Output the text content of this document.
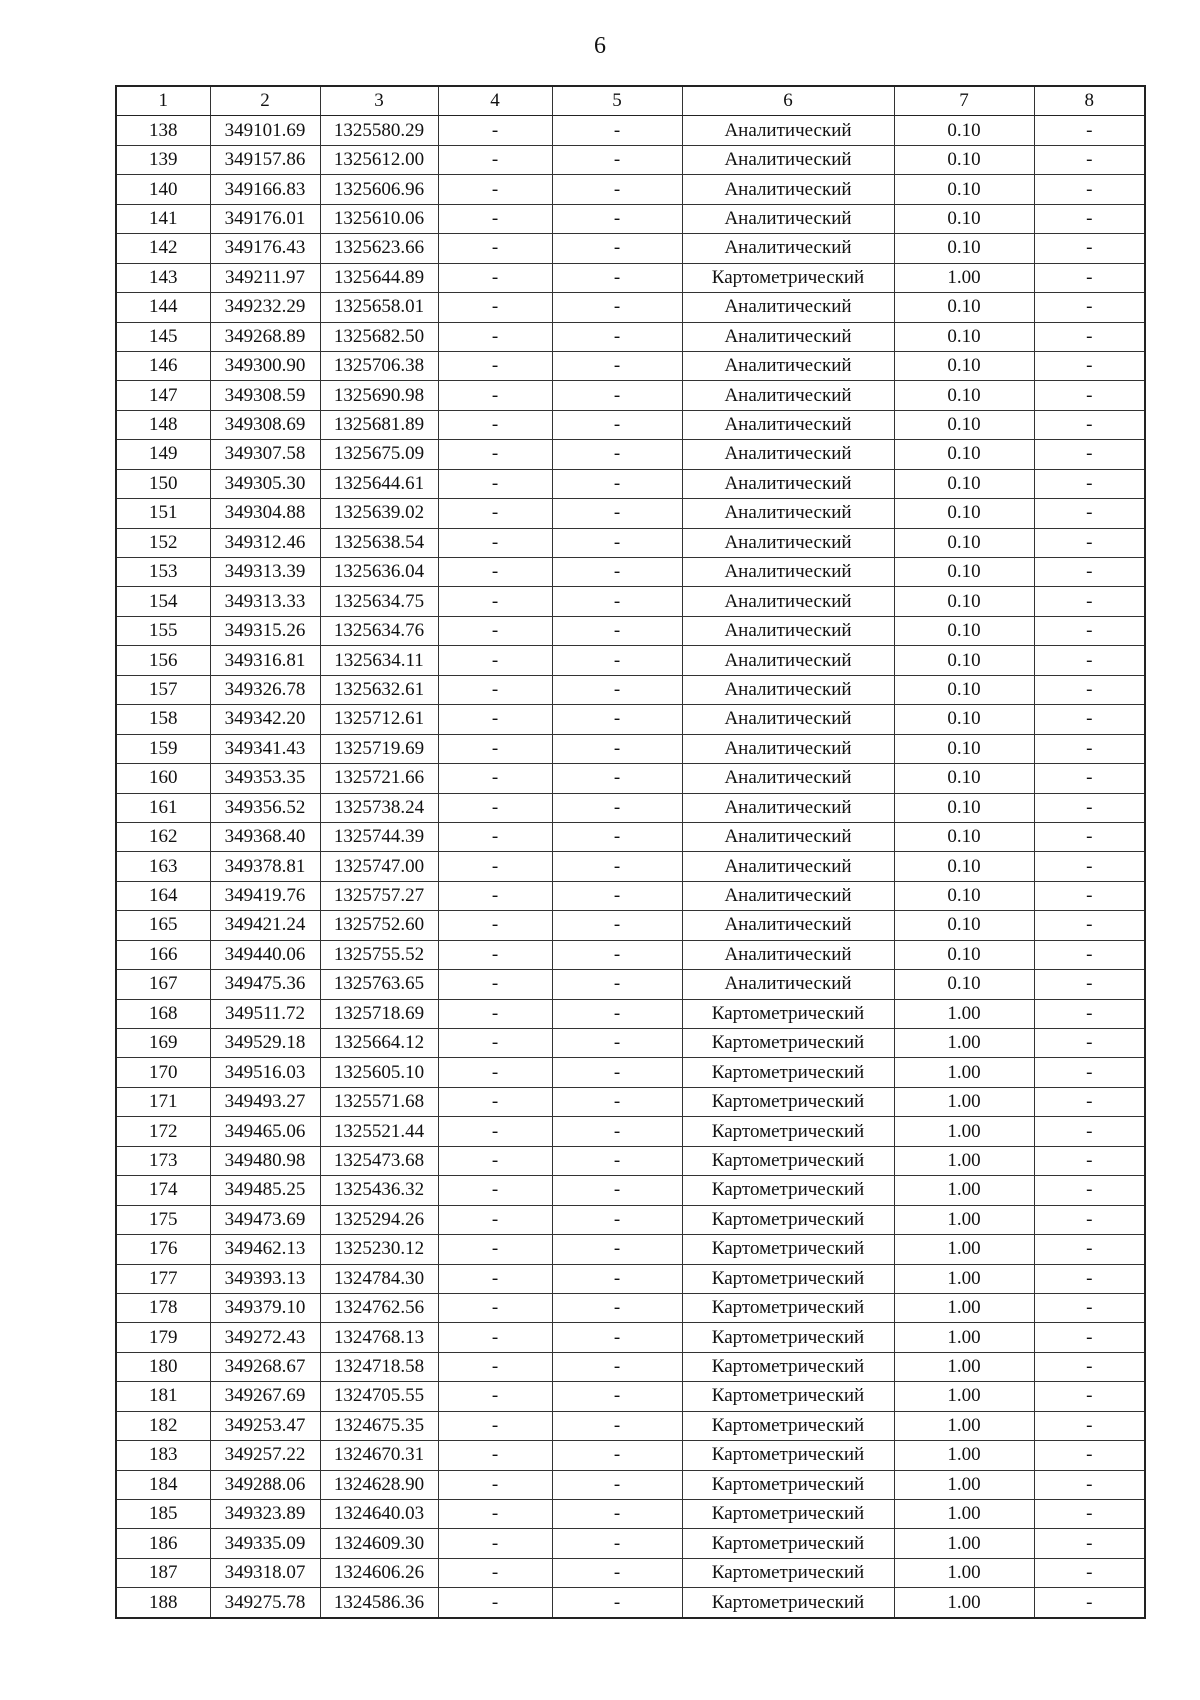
6
1	2	3	4	5	6	7	8
138	349101.69	1325580.29	-	-	Аналитический	0.10	-
139	349157.86	1325612.00	-	-	Аналитический	0.10	-
140	349166.83	1325606.96	-	-	Аналитический	0.10	-
141	349176.01	1325610.06	-	-	Аналитический	0.10	-
142	349176.43	1325623.66	-	-	Аналитический	0.10	-
143	349211.97	1325644.89	-	-	Картометрический	1.00	-
144	349232.29	1325658.01	-	-	Аналитический	0.10	-
145	349268.89	1325682.50	-	-	Аналитический	0.10	-
146	349300.90	1325706.38	-	-	Аналитический	0.10	-
147	349308.59	1325690.98	-	-	Аналитический	0.10	-
148	349308.69	1325681.89	-	-	Аналитический	0.10	-
149	349307.58	1325675.09	-	-	Аналитический	0.10	-
150	349305.30	1325644.61	-	-	Аналитический	0.10	-
151	349304.88	1325639.02	-	-	Аналитический	0.10	-
152	349312.46	1325638.54	-	-	Аналитический	0.10	-
153	349313.39	1325636.04	-	-	Аналитический	0.10	-
154	349313.33	1325634.75	-	-	Аналитический	0.10	-
155	349315.26	1325634.76	-	-	Аналитический	0.10	-
156	349316.81	1325634.11	-	-	Аналитический	0.10	-
157	349326.78	1325632.61	-	-	Аналитический	0.10	-
158	349342.20	1325712.61	-	-	Аналитический	0.10	-
159	349341.43	1325719.69	-	-	Аналитический	0.10	-
160	349353.35	1325721.66	-	-	Аналитический	0.10	-
161	349356.52	1325738.24	-	-	Аналитический	0.10	-
162	349368.40	1325744.39	-	-	Аналитический	0.10	-
163	349378.81	1325747.00	-	-	Аналитический	0.10	-
164	349419.76	1325757.27	-	-	Аналитический	0.10	-
165	349421.24	1325752.60	-	-	Аналитический	0.10	-
166	349440.06	1325755.52	-	-	Аналитический	0.10	-
167	349475.36	1325763.65	-	-	Аналитический	0.10	-
168	349511.72	1325718.69	-	-	Картометрический	1.00	-
169	349529.18	1325664.12	-	-	Картометрический	1.00	-
170	349516.03	1325605.10	-	-	Картометрический	1.00	-
171	349493.27	1325571.68	-	-	Картометрический	1.00	-
172	349465.06	1325521.44	-	-	Картометрический	1.00	-
173	349480.98	1325473.68	-	-	Картометрический	1.00	-
174	349485.25	1325436.32	-	-	Картометрический	1.00	-
175	349473.69	1325294.26	-	-	Картометрический	1.00	-
176	349462.13	1325230.12	-	-	Картометрический	1.00	-
177	349393.13	1324784.30	-	-	Картометрический	1.00	-
178	349379.10	1324762.56	-	-	Картометрический	1.00	-
179	349272.43	1324768.13	-	-	Картометрический	1.00	-
180	349268.67	1324718.58	-	-	Картометрический	1.00	-
181	349267.69	1324705.55	-	-	Картометрический	1.00	-
182	349253.47	1324675.35	-	-	Картометрический	1.00	-
183	349257.22	1324670.31	-	-	Картометрический	1.00	-
184	349288.06	1324628.90	-	-	Картометрический	1.00	-
185	349323.89	1324640.03	-	-	Картометрический	1.00	-
186	349335.09	1324609.30	-	-	Картометрический	1.00	-
187	349318.07	1324606.26	-	-	Картометрический	1.00	-
188	349275.78	1324586.36	-	-	Картометрический	1.00	-
